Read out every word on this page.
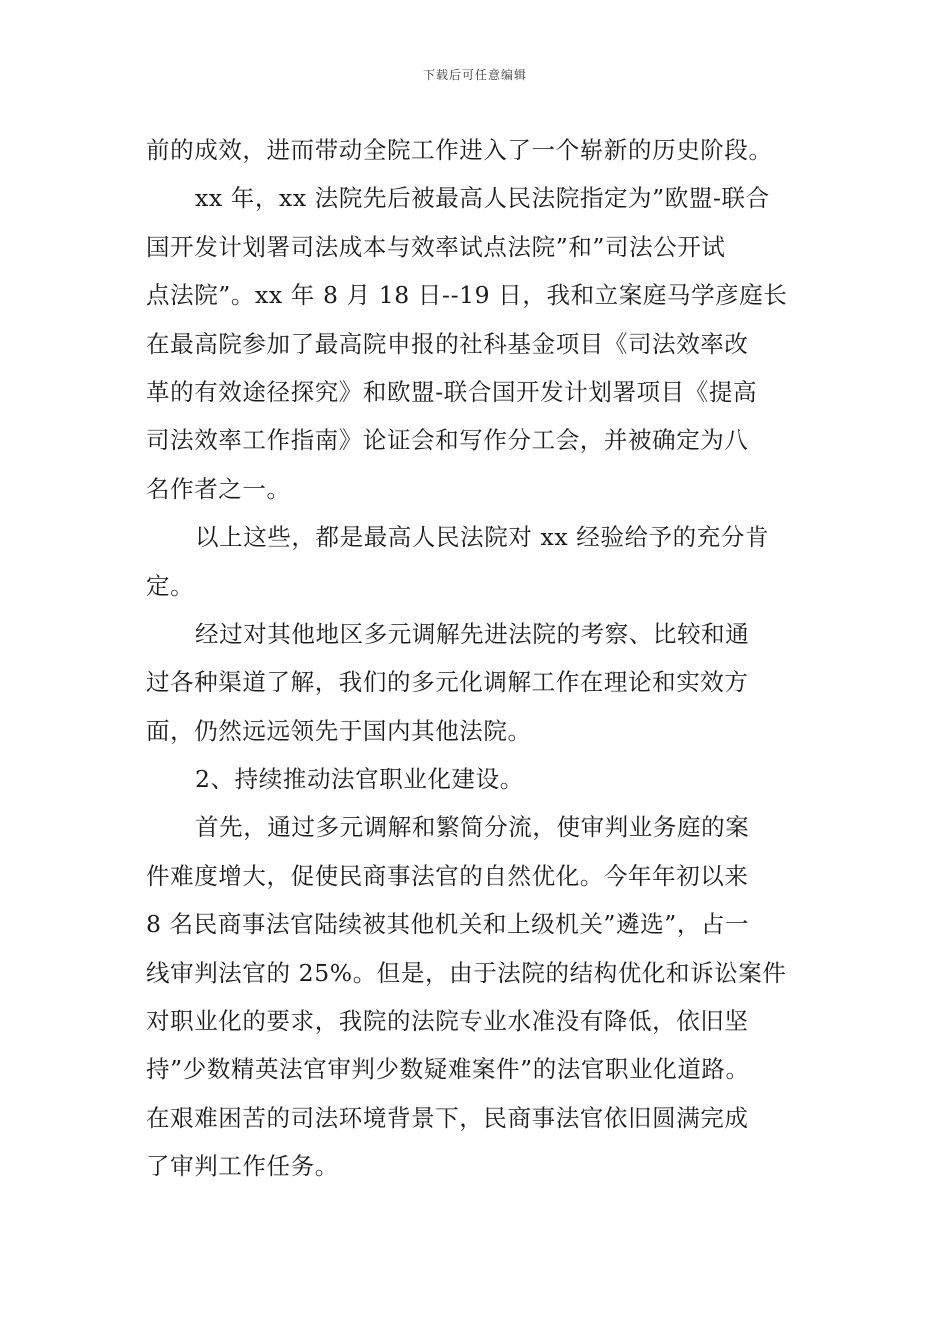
下载后可任意编辑
前的成效，进而带动全院工作进入了一个崭新的历史阶段。
xx 年，xx 法院先后被最高人民法院指定为”欧盟-联合
国开发计划署司法成本与效率试点法院”和”司法公开试
点法院”。xx 年 8 月 18 日--19 日，我和立案庭马学彦庭长
在最高院参加了最高院申报的社科基金项目《司法效率改
革的有效途径探究》和欧盟-联合国开发计划署项目《提高
司法效率工作指南》论证会和写作分工会，并被确定为八
名作者之一。
以上这些，都是最高人民法院对 xx 经验给予的充分肯
定。
经过对其他地区多元调解先进法院的考察、比较和通
过各种渠道了解，我们的多元化调解工作在理论和实效方
面，仍然远远领先于国内其他法院。
2、持续推动法官职业化建设。
首先，通过多元调解和繁简分流，使审判业务庭的案
件难度增大，促使民商事法官的自然优化。今年年初以来
8 名民商事法官陆续被其他机关和上级机关”遴选”，占一
线审判法官的 25%。但是，由于法院的结构优化和诉讼案件
对职业化的要求，我院的法院专业水准没有降低，依旧坚
持”少数精英法官审判少数疑难案件”的法官职业化道路。
在艰难困苦的司法环境背景下，民商事法官依旧圆满完成
了审判工作任务。
